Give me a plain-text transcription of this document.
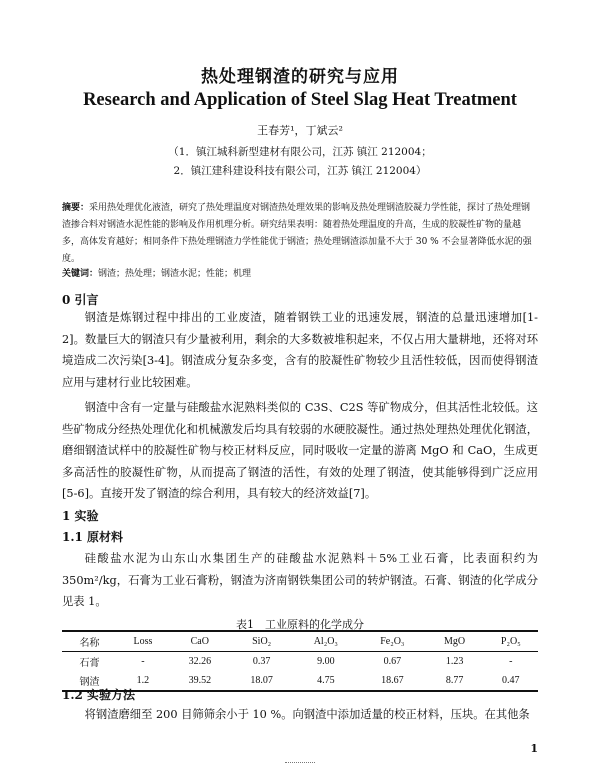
热处理钢渣的研究与应用
Research and Application of Steel Slag Heat Treatment
王春芳¹，丁斌云²
（1．镇江城科新型建材有限公司，江苏 镇江 212004；
2．镇江建科建设科技有限公司，江苏 镇江 212004）
摘要：采用热处理优化液渣，研究了热处理温度对钢渣热处理效果的影响及热处理钢渣胶凝力学性能，探讨了热处理钢渣掺合料对钢渣水泥性能的影响及作用机理分析。研究结果表明：随着热处理温度的升高，生成的胶凝性矿物的量越多，高体发育越好；相同条件下热处理钢渣力学性能优于钢渣；热处理钢渣添加量不大于 30 % 不会显著降低水泥的强度。
关键词：钢渣；热处理；钢渣水泥；性能；机理
0 引言
钢渣是炼钢过程中排出的工业废渣，随着钢铁工业的迅速发展，钢渣的总量迅速增加[1-2]。数量巨大的钢渣只有少量被利用，剩余的大多数被堆积起来，不仅占用大量耕地，还将对环境造成二次污染[3-4]。钢渣成分复杂多变，含有的胶凝性矿物较少且活性较低，因而使得钢渣应用与建材行业比较困难。
钢渣中含有一定量与硅酸盐水泥熟料类似的 C3S、C2S 等矿物成分，但其活性北较低。这些矿物成分经热处理优化和机械激发后均具有较弱的水硬胶凝性。通过热处理热处理优化钢渣，磨细钢渣试样中的胶凝性矿物与校正材料反应，同时吸收一定量的游离 MgO 和 CaO，生成更多高活性的胶凝性矿物，从而提高了钢渣的活性，有效的处理了钢渣，使其能够得到广泛应用[5-6]。直接开发了钢渣的综合利用，具有较大的经济效益[7]。
1 实验
1.1 原材料
硅酸盐水泥为山东山水集团生产的硅酸盐水泥熟料＋5%工业石膏，比表面积约为 350m²/kg，石膏为工业石膏粉，钢渣为济南钢铁集团公司的转炉钢渣。石膏、钢渣的化学成分见表 1。
表1　工业原料的化学成分
名称	Loss	CaO	SiO₂	Al₂O₃	Fe₂O₃	MgO	P₂O₅
石膏	-	32.26	0.37	9.00	0.67	1.23	-
钢渣	1.2	39.52	18.07	4.75	18.67	8.77	0.47
1.2 实验方法
将钢渣磨细至 200 目筛筛余小于 10 %。向钢渣中添加适量的校正材料，压块。在其他条
1
